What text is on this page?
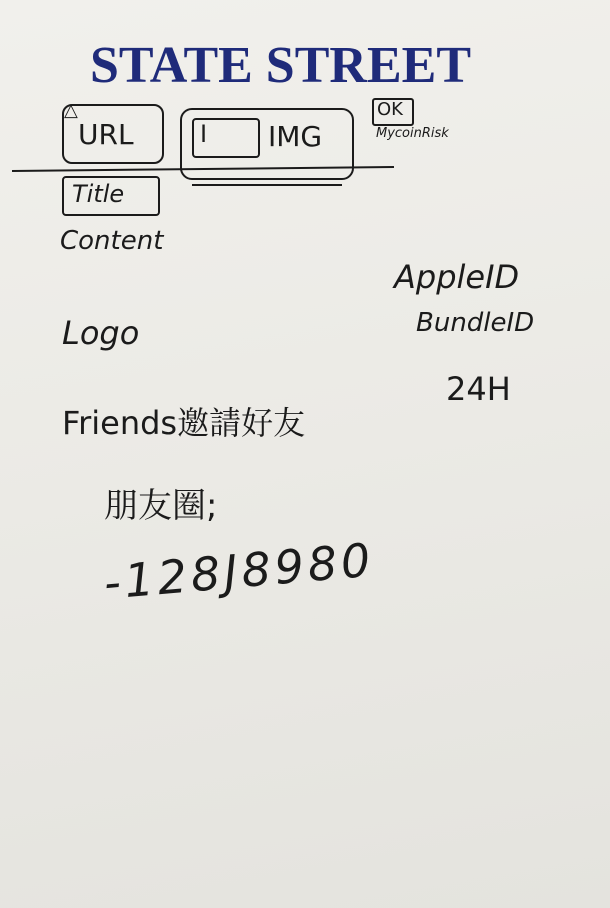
STATE STREET
URL
△
I IMG
OK
MycoinRisk
Title
Content
Logo
AppleID
BundleID
24H
Friends邀請好友
朋友圈;
-128J8980
